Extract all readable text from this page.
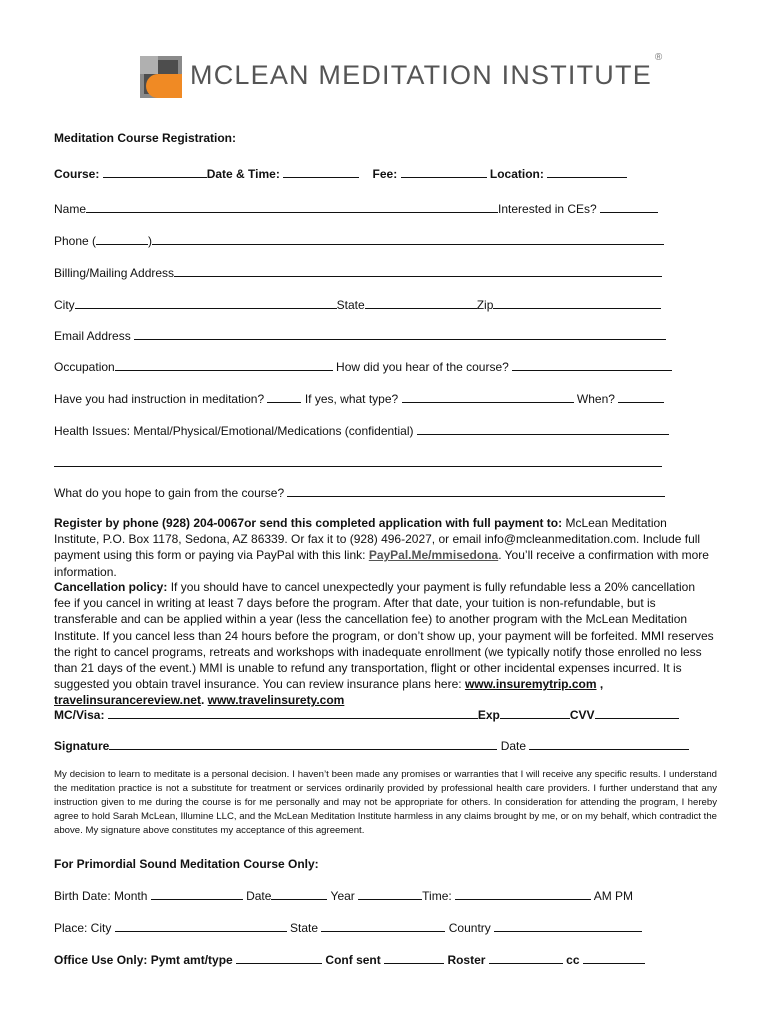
MCLEAN MEDITATION INSTITUTE®
Meditation Course Registration:
Course:	Date & Time:	Fee:	Location:
Name	Interested in CEs?
Phone (	)
Billing/Mailing Address
City	State	Zip
Email Address
Occupation	How did you hear of the course?
Have you had instruction in meditation?	If yes, what type?	When?
Health Issues: Mental/Physical/Emotional/Medications (confidential)
What do you hope to gain from the course?
Register by phone (928) 204-0067or send this completed application with full payment to: McLean Meditation Institute, P.O. Box 1178, Sedona, AZ 86339. Or fax it to (928) 496-2027, or email info@mcleanmeditation.com. Include full payment using this form or paying via PayPal with this link: PayPal.Me/mmisedona. You’ll receive a confirmation with more information.
Cancellation policy: If you should have to cancel unexpectedly your payment is fully refundable less a 20% cancellation fee if you cancel in writing at least 7 days before the program. After that date, your tuition is non-refundable, but is transferable and can be applied within a year (less the cancellation fee) to another program with the McLean Meditation Institute. If you cancel less than 24 hours before the program, or don’t show up, your payment will be forfeited. MMI reserves the right to cancel programs, retreats and workshops with inadequate enrollment (we typically notify those enrolled no less than 21 days of the event.) MMI is unable to refund any transportation, flight or other incidental expenses incurred. It is suggested you obtain travel insurance. You can review insurance plans here: www.insuremytrip.com , travelinsurancereview.net. www.travelinsurety.com
MC/Visa:	Exp	CVV
Signature	Date
My decision to learn to meditate is a personal decision. I haven’t been made any promises or warranties that I will receive any specific results. I understand the meditation practice is not a substitute for treatment or services ordinarily provided by professional health care providers. I further understand that any instruction given to me during the course is for me personally and may not be appropriate for others. In consideration for attending the program, I hereby agree to hold Sarah McLean, Illumine LLC, and the McLean Meditation Institute harmless in any claims brought by me, or on my behalf, which contradict the above. My signature above constitutes my acceptance of this agreement.
For Primordial Sound Meditation Course Only:
Birth Date: Month	Date	Year	Time:	AM PM
Place: City	State	Country
Office Use Only: Pymt amt/type	Conf sent	Roster	cc
